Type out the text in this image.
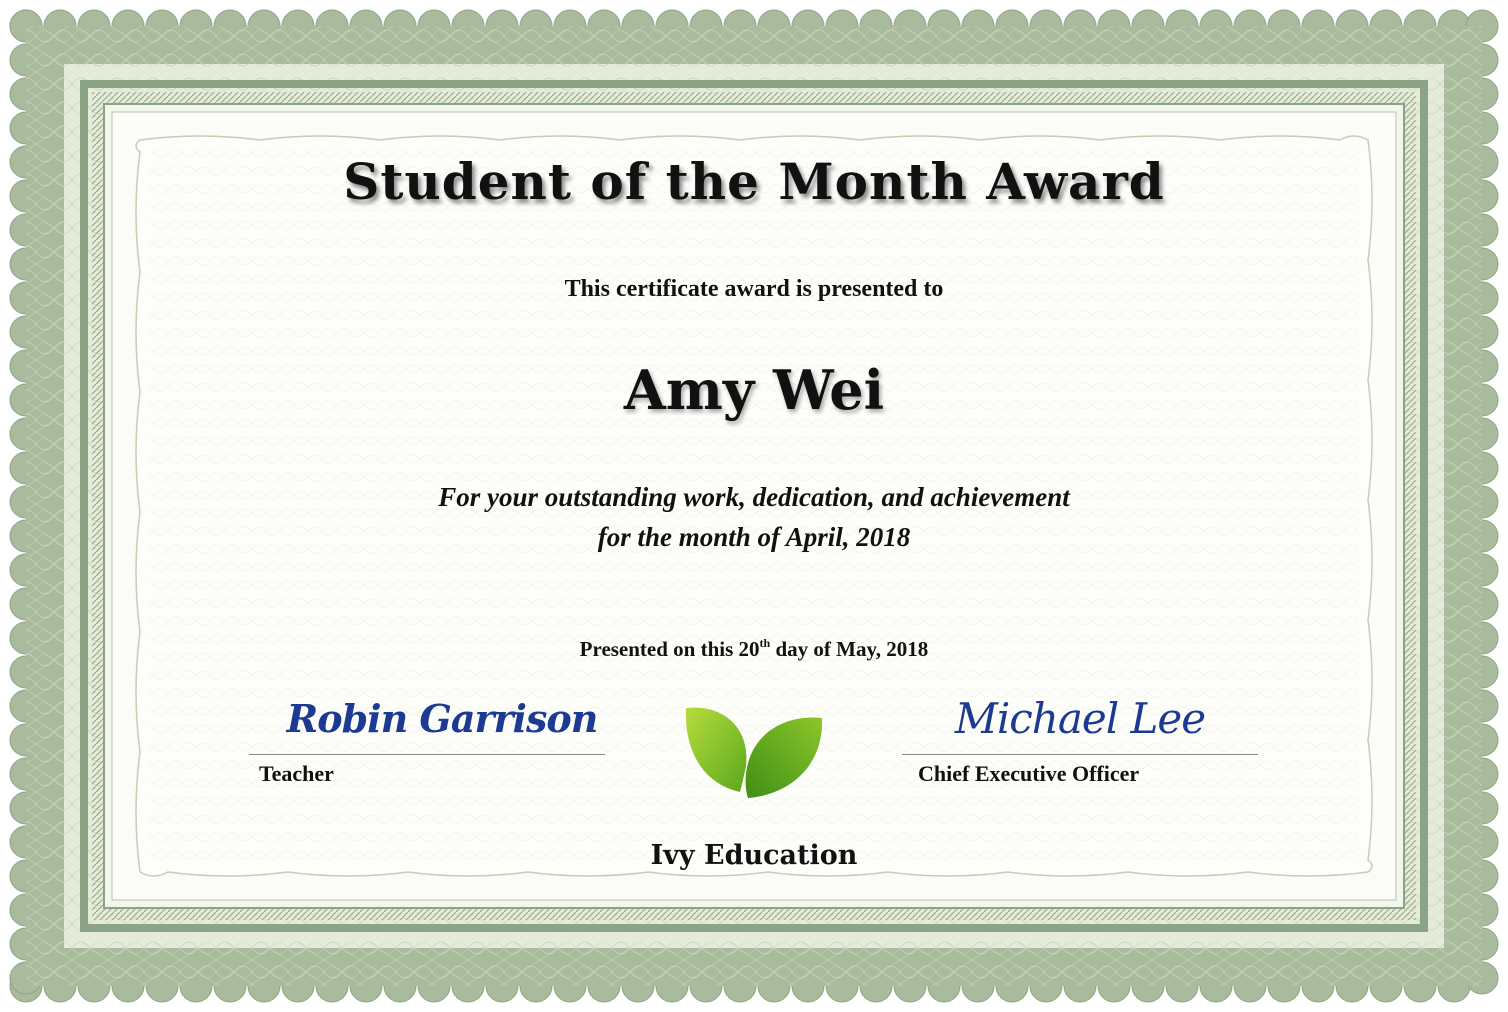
Student of the Month Award
This certificate award is presented to
Amy Wei
For your outstanding work, dedication, and achievement
for the month of April, 2018
Presented on this 20th day of May, 2018
Robin Garrison
Teacher
Michael Lee
Chief Executive Officer
Ivy Education
